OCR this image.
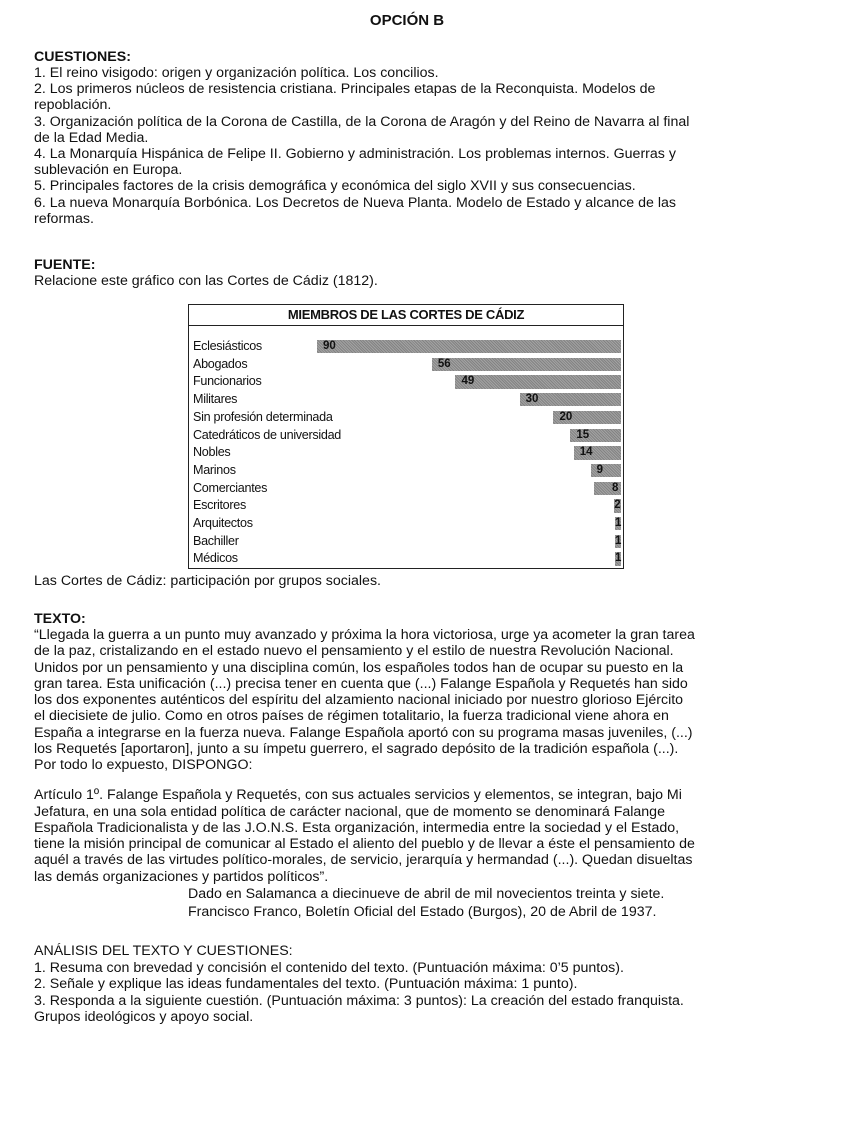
OPCIÓN B
CUESTIONES:

1. El reino visigodo: origen y organización política. Los concilios.

2. Los primeros núcleos de resistencia cristiana. Principales etapas de la Reconquista. Modelos de

repoblación.

3. Organización política de la Corona de Castilla, de la Corona de Aragón y del Reino de Navarra al final

de la Edad Media.

4. La Monarquía Hispánica de Felipe II. Gobierno y administración. Los problemas internos. Guerras y

sublevación en Europa.

5. Principales factores de la crisis demográfica y económica del siglo XVII y sus consecuencias.

6. La nueva Monarquía Borbónica. Los Decretos de Nueva Planta. Modelo de Estado y alcance de las

reformas.

FUENTE:

Relacione este gráfico con las Cortes de Cádiz (1812).

MIEMBROS DE LAS CORTES DE CÁDIZ
Eclesiásticos	90
Abogados	56
Funcionarios	49
Militares	30
Sin profesión determinada	20
Catedráticos de universidad	15
Nobles	14
Marinos	9
Comerciantes	8
Escritores	2
Arquitectos	1
Bachiller	1
Médicos	1

Las Cortes de Cádiz: participación por grupos sociales.

TEXTO:

“Llegada la guerra a un punto muy avanzado y próxima la hora victoriosa, urge ya acometer la gran tarea

de la paz, cristalizando en el estado nuevo el pensamiento y el estilo de nuestra Revolución Nacional.

Unidos por un pensamiento y una disciplina común, los españoles todos han de ocupar su puesto en la

gran tarea. Esta unificación (...) precisa tener en cuenta que (...) Falange Española y Requetés han sido

los dos exponentes auténticos del espíritu del alzamiento nacional iniciado por nuestro glorioso Ejército

el diecisiete de julio. Como en otros países de régimen totalitario, la fuerza tradicional viene ahora en

España a integrarse en la fuerza nueva. Falange Española aportó con su programa masas juveniles, (...)

los Requetés [aportaron], junto a su ímpetu guerrero, el sagrado depósito de la tradición española (...).

Por todo lo expuesto, DISPONGO:

Artículo 1º. Falange Española y Requetés, con sus actuales servicios y elementos, se integran, bajo Mi

Jefatura, en una sola entidad política de carácter nacional, que de momento se denominará Falange

Española Tradicionalista y de las J.O.N.S. Esta organización, intermedia entre la sociedad y el Estado,

tiene la misión principal de comunicar al Estado el aliento del pueblo y de llevar a éste el pensamiento de

aquél a través de las virtudes político-morales, de servicio, jerarquía y hermandad (...). Quedan disueltas

las demás organizaciones y partidos políticos”.

Dado en Salamanca a diecinueve de abril de mil novecientos treinta y siete.
Francisco Franco, Boletín Oficial del Estado (Burgos), 20 de Abril de 1937.
ANÁLISIS DEL TEXTO Y CUESTIONES:

1. Resuma con brevedad y concisión el contenido del texto. (Puntuación máxima: 0’5 puntos).

2. Señale y explique las ideas fundamentales del texto. (Puntuación máxima: 1 punto).

3. Responda a la siguiente cuestión. (Puntuación máxima: 3 puntos): La creación del estado franquista.

Grupos ideológicos y apoyo social.
